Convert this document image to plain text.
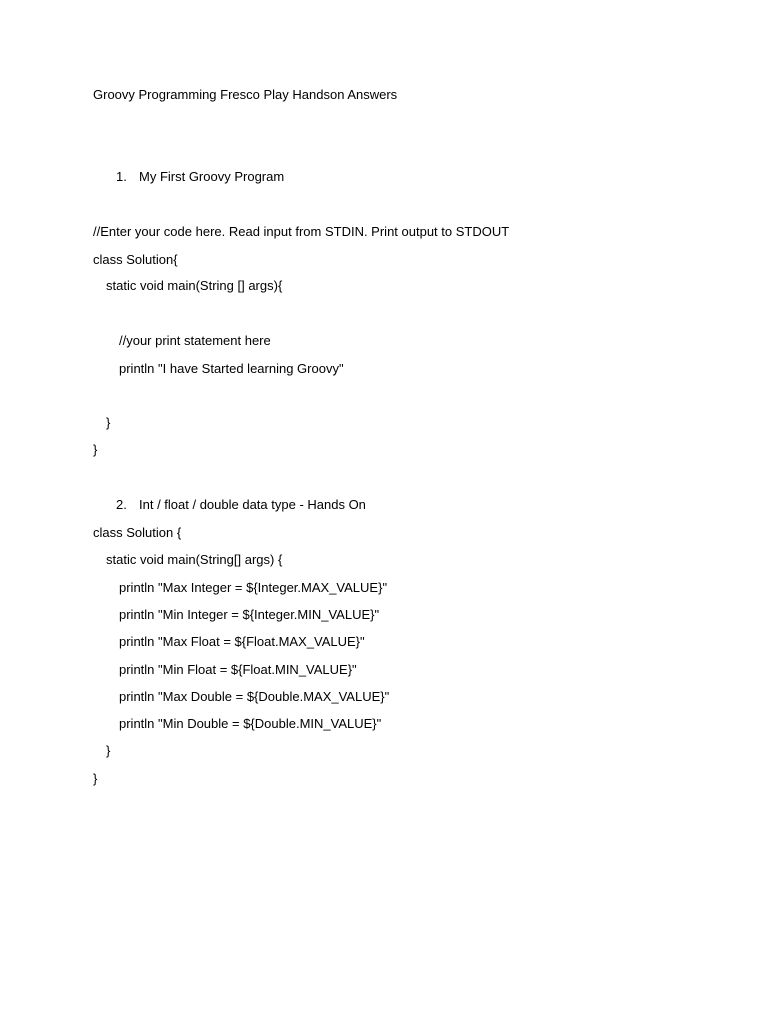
Groovy Programming Fresco Play Handson Answers
1. My First Groovy Program
//Enter your code here. Read input from STDIN. Print output to STDOUT
class Solution{
static void main(String [] args){
//your print statement here
println "I have Started learning Groovy"
}
}
2. Int / float / double data type - Hands On
class Solution {
static void main(String[] args) {
println "Max Integer = ${Integer.MAX_VALUE}"
println "Min Integer = ${Integer.MIN_VALUE}"
println "Max Float = ${Float.MAX_VALUE}"
println "Min Float = ${Float.MIN_VALUE}"
println "Max Double = ${Double.MAX_VALUE}"
println "Min Double = ${Double.MIN_VALUE}"
}
}
